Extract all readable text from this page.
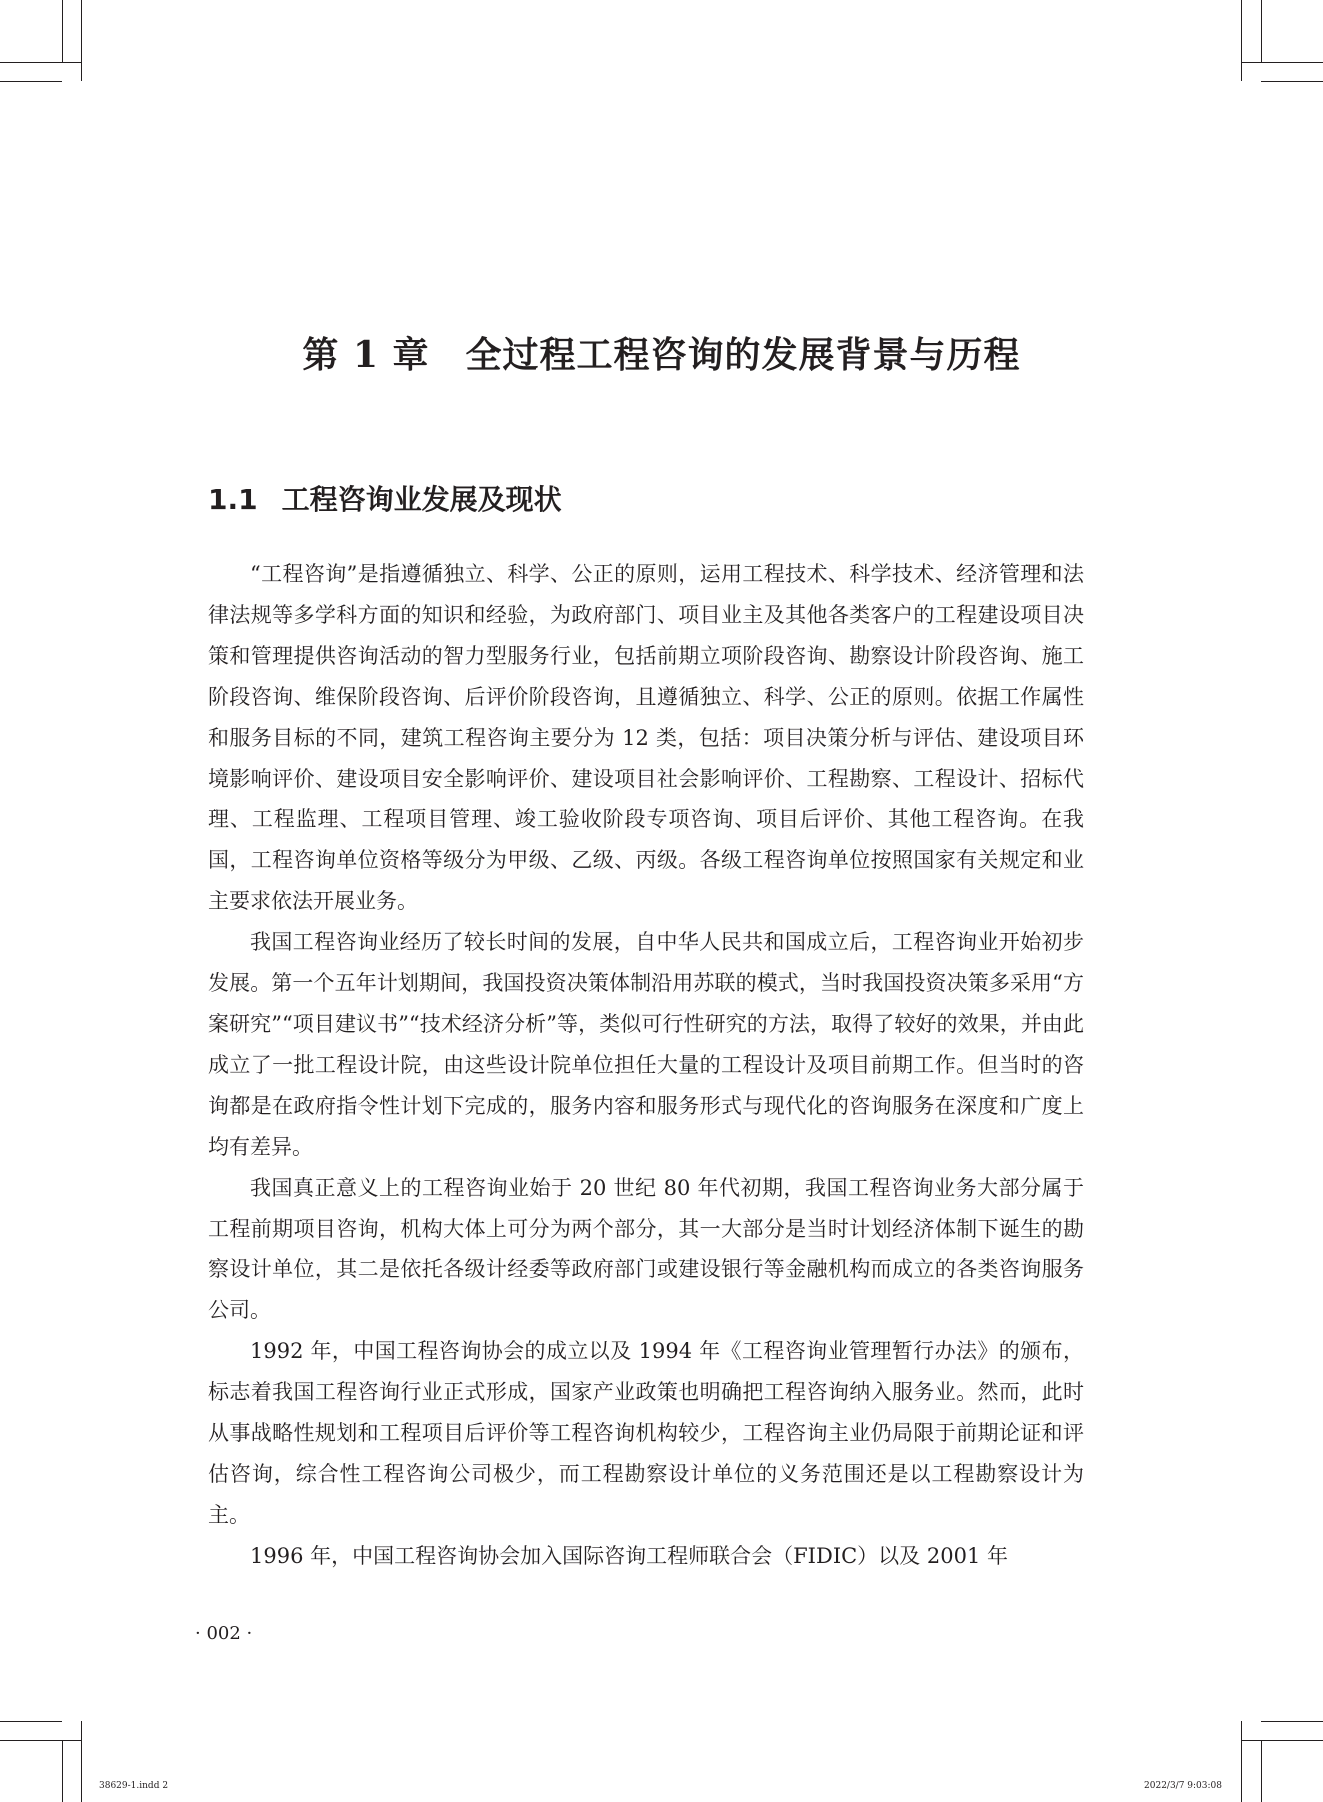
第 1 章 全过程工程咨询的发展背景与历程
1.1 工程咨询业发展及现状

“工程咨询”是指遵循独立、科学、公正的原则，运用工程技术、科学技术、经济管理和法律法规等多学科方面的知识和经验，为政府部门、项目业主及其他各类客户的工程建设项目决策和管理提供咨询活动的智力型服务行业，包括前期立项阶段咨询、勘察设计阶段咨询、施工阶段咨询、维保阶段咨询、后评价阶段咨询，且遵循独立、科学、公正的原则。依据工作属性和服务目标的不同，建筑工程咨询主要分为 12 类，包括：项目决策分析与评估、建设项目环境影响评价、建设项目安全影响评价、建设项目社会影响评价、工程勘察、工程设计、招标代理、工程监理、工程项目管理、竣工验收阶段专项咨询、项目后评价、其他工程咨询。在我国，工程咨询单位资格等级分为甲级、乙级、丙级。各级工程咨询单位按照国家有关规定和业主要求依法开展业务。

我国工程咨询业经历了较长时间的发展，自中华人民共和国成立后，工程咨询业开始初步发展。第一个五年计划期间，我国投资决策体制沿用苏联的模式，当时我国投资决策多采用“方案研究”“项目建议书”“技术经济分析”等，类似可行性研究的方法，取得了较好的效果，并由此成立了一批工程设计院，由这些设计院单位担任大量的工程设计及项目前期工作。但当时的咨询都是在政府指令性计划下完成的，服务内容和服务形式与现代化的咨询服务在深度和广度上均有差异。

我国真正意义上的工程咨询业始于 20 世纪 80 年代初期，我国工程咨询业务大部分属于工程前期项目咨询，机构大体上可分为两个部分，其一大部分是当时计划经济体制下诞生的勘察设计单位，其二是依托各级计经委等政府部门或建设银行等金融机构而成立的各类咨询服务公司。

1992 年，中国工程咨询协会的成立以及 1994 年《工程咨询业管理暂行办法》的颁布，标志着我国工程咨询行业正式形成，国家产业政策也明确把工程咨询纳入服务业。然而，此时从事战略性规划和工程项目后评价等工程咨询机构较少，工程咨询主业仍局限于前期论证和评估咨询，综合性工程咨询公司极少，而工程勘察设计单位的义务范围还是以工程勘察设计为主。

1996 年，中国工程咨询协会加入国际咨询工程师联合会（FIDIC）以及 2001 年

· 002 ·
38629-1.indd 2	2022/3/7 9:03:08
